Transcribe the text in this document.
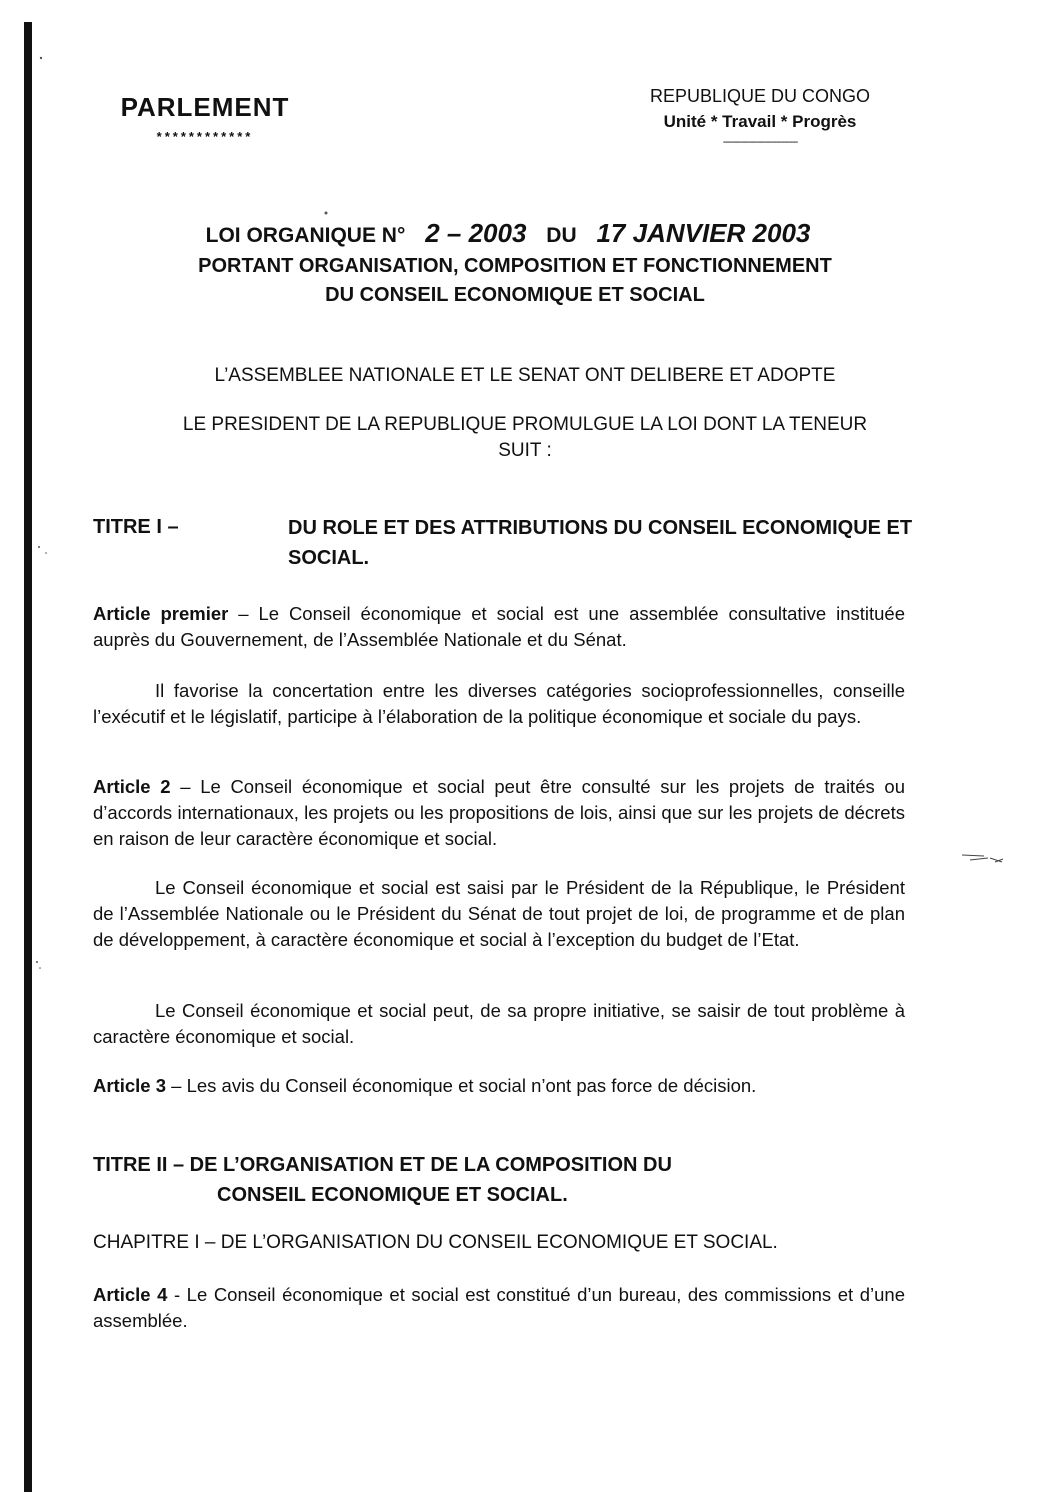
PARLEMENT
************
REPUBLIQUE DU CONGO
Unité * Travail * Progrès
----------------------------
LOI ORGANIQUE N° 2 – 2003 DU 17 JANVIER 2003
PORTANT ORGANISATION, COMPOSITION ET FONCTIONNEMENT
DU CONSEIL ECONOMIQUE ET SOCIAL
L’ASSEMBLEE NATIONALE ET LE SENAT ONT DELIBERE ET ADOPTE
LE PRESIDENT DE LA REPUBLIQUE PROMULGUE LA LOI DONT LA TENEUR SUIT :
TITRE I –	DU ROLE ET DES ATTRIBUTIONS DU CONSEIL ECONOMIQUE ET SOCIAL.
Article premier – Le Conseil économique et social est une assemblée consultative instituée auprès du Gouvernement, de l’Assemblée Nationale et du Sénat.
Il favorise la concertation entre les diverses catégories socioprofessionnelles, conseille l’exécutif et le législatif, participe à l’élaboration de la politique économique et sociale du pays.
Article 2 – Le Conseil économique et social peut être consulté sur les projets de traités ou d’accords internationaux, les projets ou les propositions de lois, ainsi que sur les projets de décrets en raison de leur caractère économique et social.
Le Conseil économique et social est saisi par le Président de la République, le Président de l’Assemblée Nationale ou le Président du Sénat de tout projet de loi, de programme et de plan de développement, à caractère économique et social à l’exception du budget de l’Etat.
Le Conseil économique et social peut, de sa propre initiative, se saisir de tout problème à caractère économique et social.
Article 3 – Les avis du Conseil économique et social n’ont pas force de décision.
TITRE II – DE L’ORGANISATION ET DE LA COMPOSITION DU
CONSEIL ECONOMIQUE ET SOCIAL.
CHAPITRE I – DE L’ORGANISATION DU CONSEIL ECONOMIQUE ET SOCIAL.
Article 4 - Le Conseil économique et social est constitué d’un bureau, des commissions et d’une assemblée.
